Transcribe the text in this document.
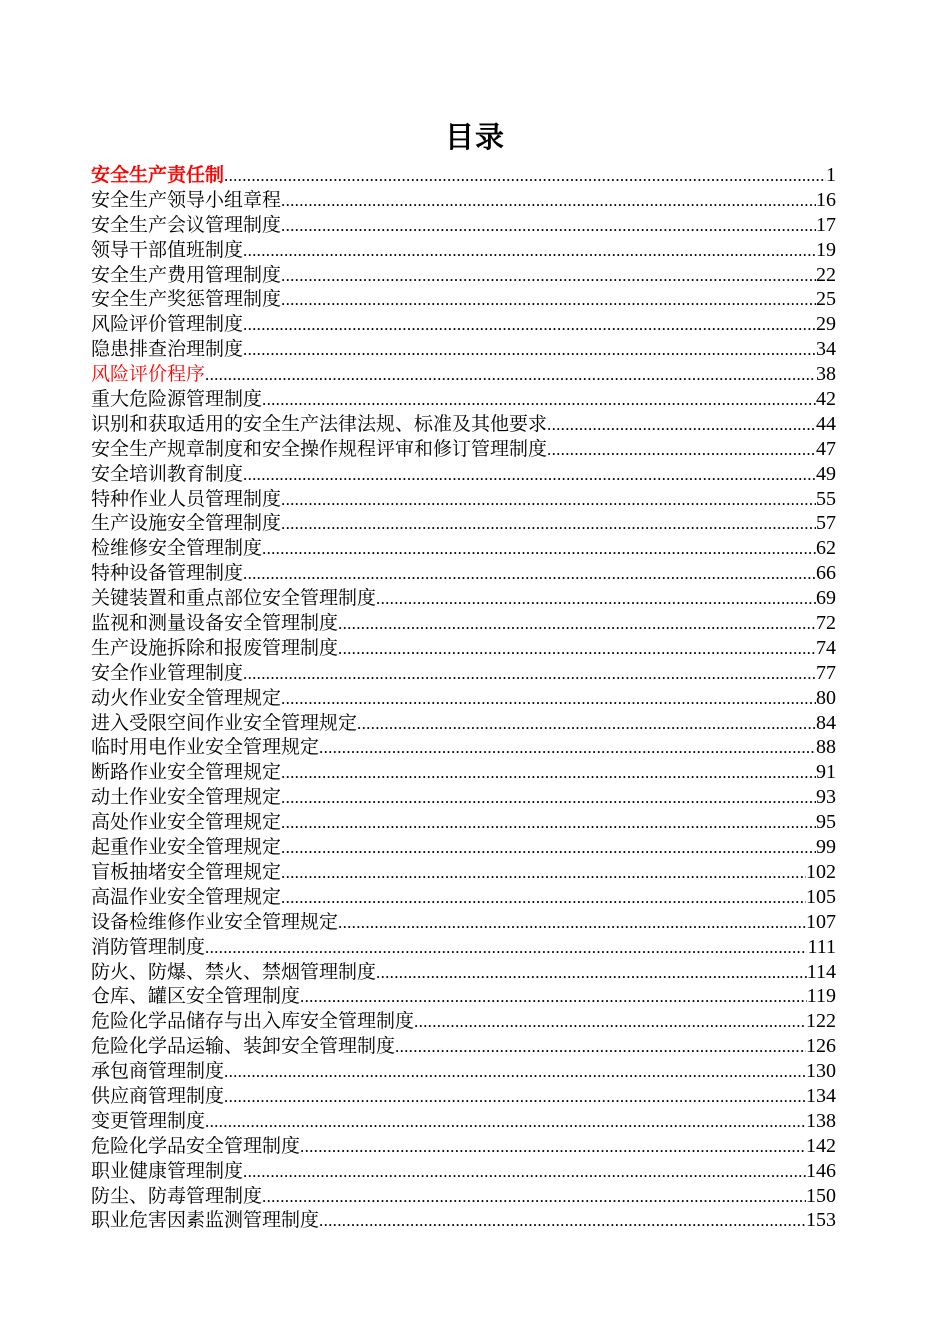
目录
安全生产责任制 .....	1
安全生产领导小组章程 .....	16
安全生产会议管理制度 .....	17
领导干部值班制度 .....	19
安全生产费用管理制度 .....	22
安全生产奖惩管理制度 .....	25
风险评价管理制度 .....	29
隐患排查治理制度 .....	34
风险评价程序 .....	38
重大危险源管理制度 .....	42
识别和获取适用的安全生产法律法规、标准及其他要求 .....	44
安全生产规章制度和安全操作规程评审和修订管理制度 .....	47
安全培训教育制度 .....	49
特种作业人员管理制度 .....	55
生产设施安全管理制度 .....	57
检维修安全管理制度 .....	62
特种设备管理制度 .....	66
关键装置和重点部位安全管理制度 .....	69
监视和测量设备安全管理制度 .....	72
生产设施拆除和报废管理制度 .....	74
安全作业管理制度 .....	77
动火作业安全管理规定 .....	80
进入受限空间作业安全管理规定 .....	84
临时用电作业安全管理规定 .....	88
断路作业安全管理规定 .....	91
动土作业安全管理规定 .....	93
高处作业安全管理规定 .....	95
起重作业安全管理规定 .....	99
盲板抽堵安全管理规定 .....	102
高温作业安全管理规定 .....	105
设备检维修作业安全管理规定 .....	107
消防管理制度 .....	111
防火、防爆、禁火、禁烟管理制度 .....	114
仓库、罐区安全管理制度 .....	119
危险化学品储存与出入库安全管理制度 .....	122
危险化学品运输、装卸安全管理制度 .....	126
承包商管理制度 .....	130
供应商管理制度 .....	134
变更管理制度 .....	138
危险化学品安全管理制度 .....	142
职业健康管理制度 .....	146
防尘、防毒管理制度 .....	150
职业危害因素监测管理制度 .....	153
